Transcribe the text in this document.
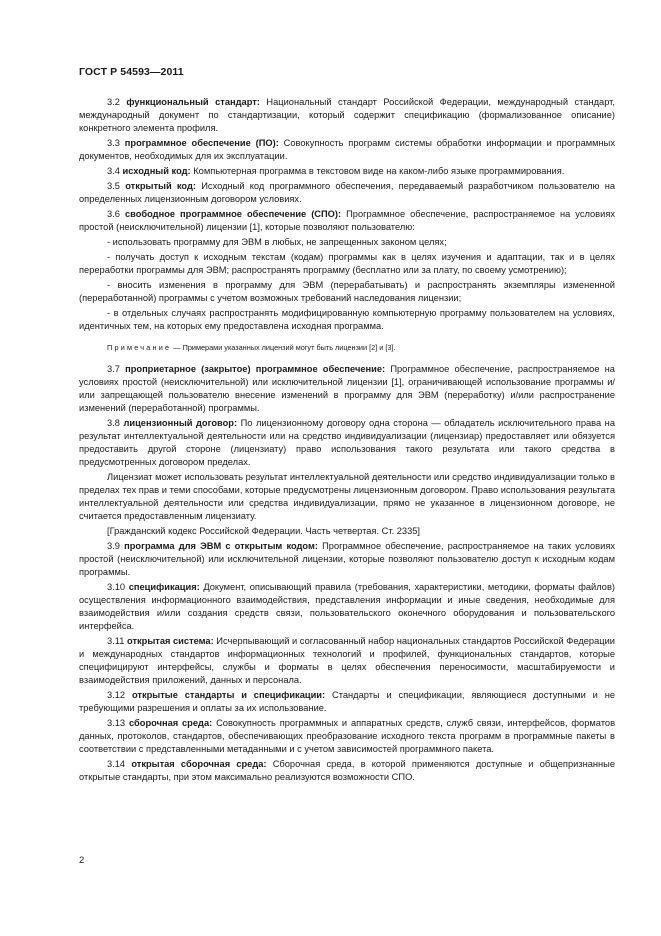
ГОСТ Р 54593—2011

3.2 функциональный стандарт: Национальный стандарт Российской Федерации, международный стандарт, международный документ по стандартизации, который содержит спецификацию (формализованное описание) конкретного элемента профиля.

3.3 программное обеспечение (ПО): Совокупность программ системы обработки информации и программных документов, необходимых для их эксплуатации.

3.4 исходный код: Компьютерная программа в текстовом виде на каком-либо языке программирования.

3.5 открытый код: Исходный код программного обеспечения, передаваемый разработчиком пользователю на определенных лицензионным договором условиях.

3.6 свободное программное обеспечение (СПО): Программное обеспечение, распространяемое на условиях простой (неисключительной) лицензии [1], которые позволяют пользователю:

- использовать программу для ЭВМ в любых, не запрещенных законом целях;

- получать доступ к исходным текстам (кодам) программы как в целях изучения и адаптации, так и в целях переработки программы для ЭВМ; распространять программу (бесплатно или за плату, по своему усмотрению);

- вносить изменения в программу для ЭВМ (перерабатывать) и распространять экземпляры измененной (переработанной) программы с учетом возможных требований наследования лицензии;

- в отдельных случаях распространять модифицированную компьютерную программу пользователем на условиях, идентичных тем, на которых ему предоставлена исходная программа.

Примечание — Примерами указанных лицензий могут быть лицензии [2] и [3].

3.7 проприетарное (закрытое) программное обеспечение: Программное обеспечение, распространяемое на условиях простой (неисключительной) или исключительной лицензии [1], ограничивающей использование программы и/или запрещающей пользователю внесение изменений в программу для ЭВМ (переработку) и/или распространение изменений (переработанной) программы.

3.8 лицензионный договор: По лицензионному договору одна сторона — обладатель исключительного права на результат интеллектуальной деятельности или на средство индивидуализации (лицензиар) предоставляет или обязуется предоставить другой стороне (лицензиату) право использования такого результата или такого средства в предусмотренных договором пределах.

Лицензиат может использовать результат интеллектуальной деятельности или средство индивидуализации только в пределах тех прав и теми способами, которые предусмотрены лицензионным договором. Право использования результата интеллектуальной деятельности или средства индивидуализации, прямо не указанное в лицензионном договоре, не считается предоставленным лицензиату.

[Гражданский кодекс Российской Федерации. Часть четвертая. Ст. 2335]

3.9 программа для ЭВМ с открытым кодом: Программное обеспечение, распространяемое на таких условиях простой (неисключительной) или исключительной лицензии, которые позволяют пользователю доступ к исходным кодам программы.

3.10 спецификация: Документ, описывающий правила (требования, характеристики, методики, форматы файлов) осуществления информационного взаимодействия, представления информации и иные сведения, необходимые для взаимодействия и/или создания средств связи, пользовательского оконечного оборудования и пользовательского интерфейса.

3.11 открытая система: Исчерпывающий и согласованный набор национальных стандартов Российской Федерации и международных стандартов информационных технологий и профилей, функциональных стандартов, которые специфицируют интерфейсы, службы и форматы в целях обеспечения переносимости, масштабируемости и взаимодействия приложений, данных и персонала.

3.12 открытые стандарты и спецификации: Стандарты и спецификации, являющиеся доступными и не требующими разрешения и оплаты за их использование.

3.13 сборочная среда: Совокупность программных и аппаратных средств, служб связи, интерфейсов, форматов данных, протоколов, стандартов, обеспечивающих преобразование исходного текста программ в программные пакеты в соответствии с представленными метаданными и с учетом зависимостей программного пакета.

3.14 открытая сборочная среда: Сборочная среда, в которой применяются доступные и общепризнанные открытые стандарты, при этом максимально реализуются возможности СПО.

2
